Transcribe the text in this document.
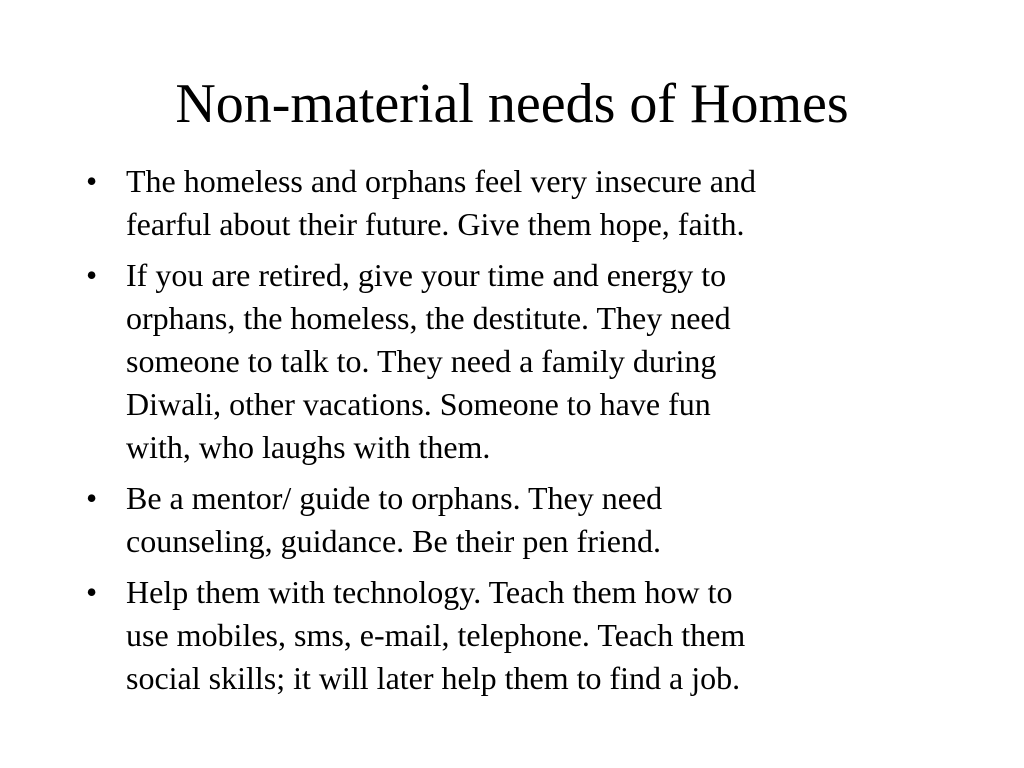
Non-material needs of Homes
• The homeless and orphans feel very insecure and
fearful about their future. Give them hope, faith.
• If you are retired, give your time and energy to
orphans, the homeless, the destitute. They need
someone to talk to. They need a family during
Diwali, other vacations. Someone to have fun
with, who laughs with them.
• Be a mentor/ guide to orphans. They need
counseling, guidance. Be their pen friend.
• Help them with technology. Teach them how to
use mobiles, sms, e-mail, telephone. Teach them
social skills; it will later help them to find a job.
